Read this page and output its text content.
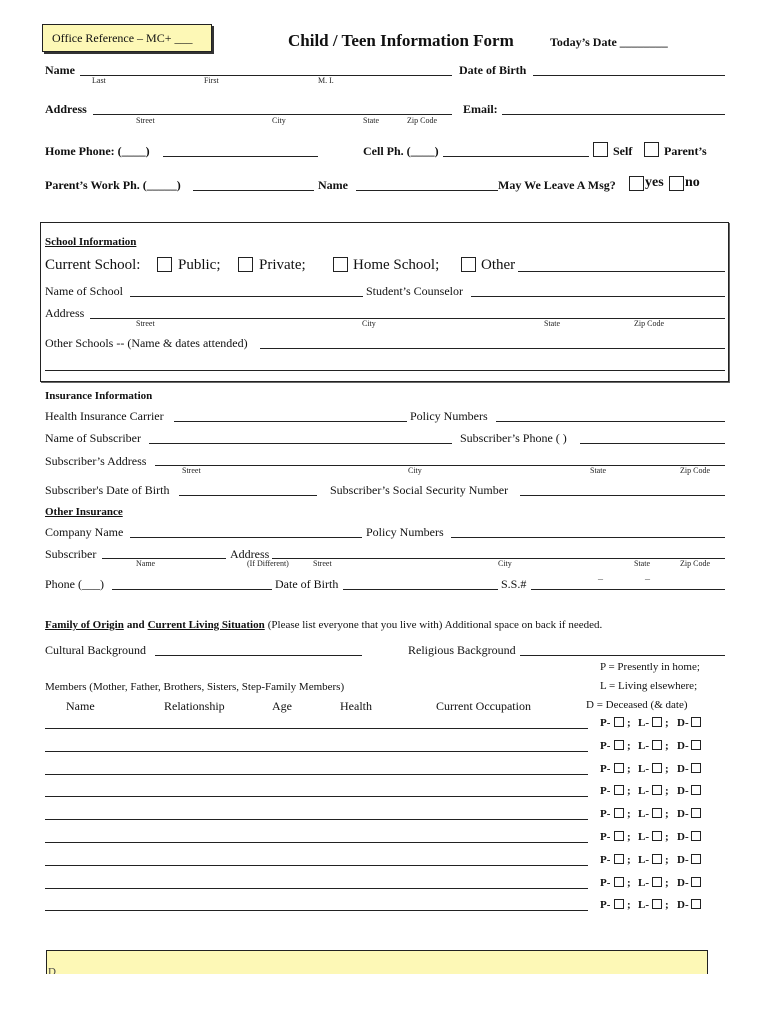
Office Reference – MC+ ___	Child / Teen Information Form	Today’s Date ________
Name
Last	First	M. I.
Date of Birth
Address
Street	City	State	Zip Code
Email:
Home Phone: (____)	Cell Ph. (____)	Self	Parent’s
Parent’s Work Ph. (_____)	Name	May We Leave A Msg? yes no
School Information
Current School:	Public;	Private;	Home School;	Other
Name of School	Student’s Counselor
Address
Street	City	State	Zip Code
Other Schools -- (Name & dates attended)
Insurance Information
Health Insurance Carrier	Policy Numbers
Name of Subscriber	Subscriber’s Phone ( )
Subscriber’s Address
Street	City	State	Zip Code
Subscriber's Date of Birth	Subscriber’s Social Security Number
Other Insurance
Company Name	Policy Numbers
Subscriber	Address
Name	(If Different)	Street	City	State	Zip Code
Phone (___)	Date of Birth	S.S.#
_	_
Family of Origin and Current Living Situation (Please list everyone that you live with) Additional space on back if needed.
Cultural Background	Religious Background
P = Presently in home;
L = Living elsewhere;
D = Deceased (& date)
Members (Mother, Father, Brothers, Sisters, Step-Family Members)
Name	Relationship	Age	Health	Current Occupation
P- ; L- ; D-
P- ; L- ; D-
P- ; L- ; D-
P- ; L- ; D-
P- ; L- ; D-
P- ; L- ; D-
P- ; L- ; D-
P- ; L- ; D-
P- ; L- ; D-
D
